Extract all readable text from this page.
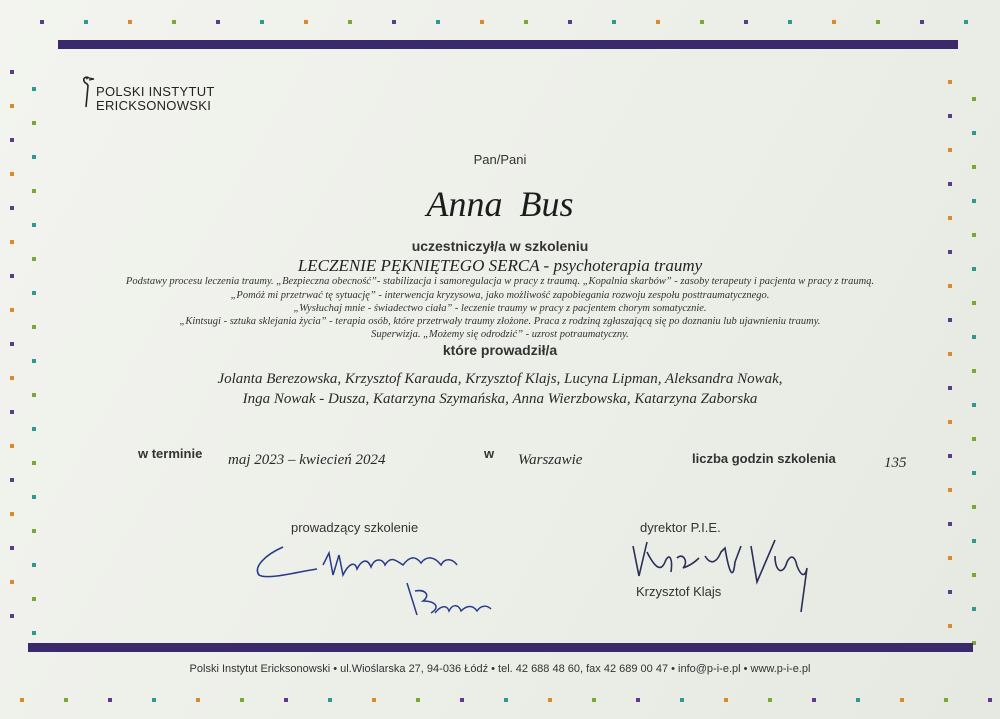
POLSKI INSTYTUT
ERICKSONOWSKI
Pan/Pani
Anna Bus
uczestniczył/a w szkoleniu
LECZENIE PĘKNIĘTEGO SERCA - psychoterapia traumy
Podstawy procesu leczenia traumy. „Bezpieczna obecność”- stabilizacja i samoregulacja w pracy z traumą. „Kopalnia skarbów” - zasoby terapeuty i pacjenta w pracy z traumą.
„Pomóż mi przetrwać tę sytuację” - interwencja kryzysowa, jako możliwość zapobiegania rozwoju zespołu posttraumatycznego.
„Wysłuchaj mnie - świadectwo ciała” - leczenie traumy w pracy z pacjentem chorym somatycznie.
„Kintsugi - sztuka sklejania życia” - terapia osób, które przetrwały traumy złożone. Praca z rodziną zgłaszającą się po doznaniu lub ujawnieniu traumy.
Superwizja. „Możemy się odrodzić” - uzrost potraumatyczny.
które prowadził/a
Jolanta Berezowska, Krzysztof Karauda, Krzysztof Klajs, Lucyna Lipman, Aleksandra Nowak,
Inga Nowak - Dusza, Katarzyna Szymańska, Anna Wierzbowska, Katarzyna Zaborska
w terminie maj 2023 – kwiecień 2024	w Warszawie	liczba godzin szkolenia	135
prowadzący szkolenie	dyrektor P.I.E.
Krzysztof Klajs
Polski Instytut Ericksonowski • ul.Wioślarska 27, 94-036 Łódź • tel. 42 688 48 60, fax 42 689 00 47 • info@p-i-e.pl • www.p-i-e.pl
